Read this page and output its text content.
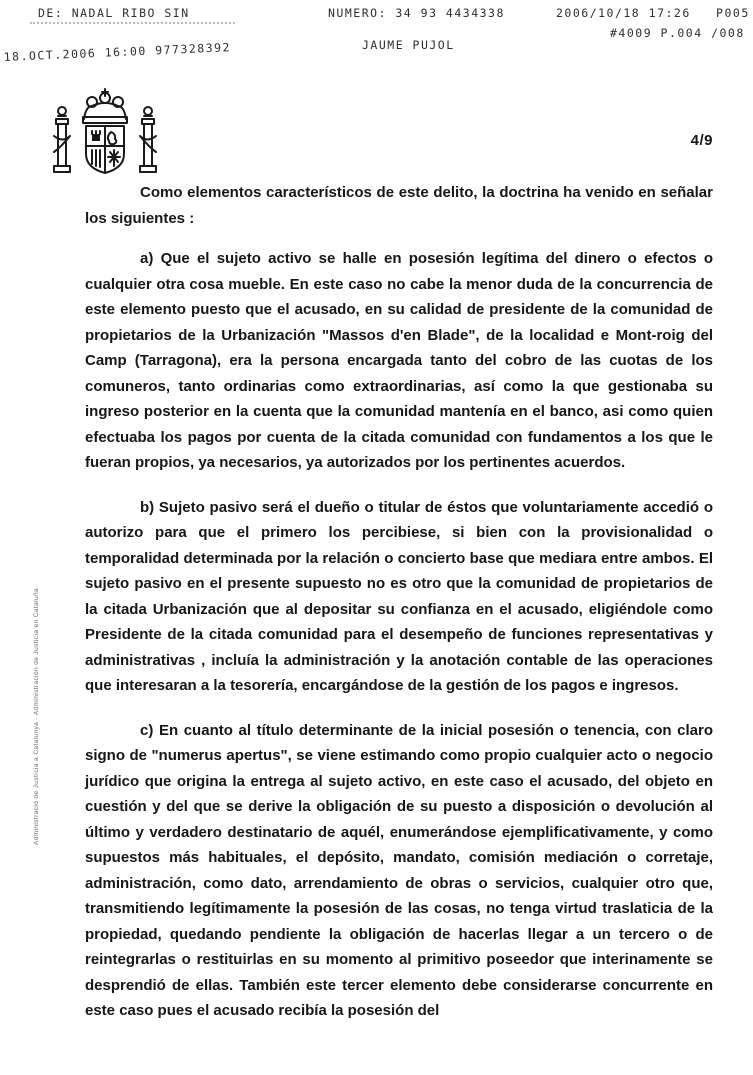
DE: NADAL RIBO SIN	NUMERO: 34 93 4434338	2006/10/18 17:26   P005
#4009 P.004 /008
JAUME PUJOL
18.OCT.2006 16:00 977328392
4/9
Administració de Justícia a Catalunya · Administración de Justicia en Cataluña

Como elementos característicos de este delito, la doctrina ha venido en señalar los siguientes :

a) Que el sujeto activo se halle en posesión legítima del dinero o efectos o cualquier otra cosa mueble. En este caso no cabe la menor duda de la concurrencia de este elemento puesto que el acusado, en su calidad de presidente de la comunidad de propietarios de la Urbanización "Massos d'en Blade", de la localidad e Mont-roig del Camp (Tarragona), era la persona encargada tanto del cobro de las cuotas de los comuneros, tanto ordinarias como extraordinarias, así como la que gestionaba su ingreso posterior en la cuenta que la comunidad mantenía en el banco, asi como quien efectuaba los pagos por cuenta de la citada comunidad con fundamentos a los que le fueran propios, ya necesarios, ya autorizados por los pertinentes acuerdos.

b) Sujeto pasivo será el dueño o titular de éstos que voluntariamente accedió o autorizo para que el primero los percibiese, si bien con la provisionalidad o temporalidad determinada por la relación o concierto base que mediara entre ambos. El sujeto pasivo en el presente supuesto no es otro que la comunidad de propietarios de la citada Urbanización que al depositar su confianza en el acusado, eligiéndole como Presidente de la citada comunidad para el desempeño de funciones representativas y administrativas , incluía la administración y la anotación contable de las operaciones que interesaran a la tesorería, encargándose de la gestión de los pagos e ingresos.

c) En cuanto al título determinante de la inicial posesión o tenencia, con claro signo de "numerus apertus", se viene estimando como propio cualquier acto o negocio jurídico que origina la entrega al sujeto activo, en este caso el acusado, del objeto en cuestión y del que se derive la obligación de su puesto a disposición o devolución al último y verdadero destinatario de aquél, enumerándose ejemplificativamente, y como supuestos más habituales, el depósito, mandato, comisión mediación o corretaje, administración, como dato, arrendamiento de obras o servicios, cualquier otro que, transmitiendo legítimamente la posesión de las cosas, no tenga virtud traslaticia de la propiedad, quedando pendiente la obligación de hacerlas llegar a un tercero o de reintegrarlas o restituirlas en su momento al primitivo poseedor que interinamente se desprendió de ellas. También este tercer elemento debe considerarse concurrente en este caso pues el acusado recibía la posesión del
